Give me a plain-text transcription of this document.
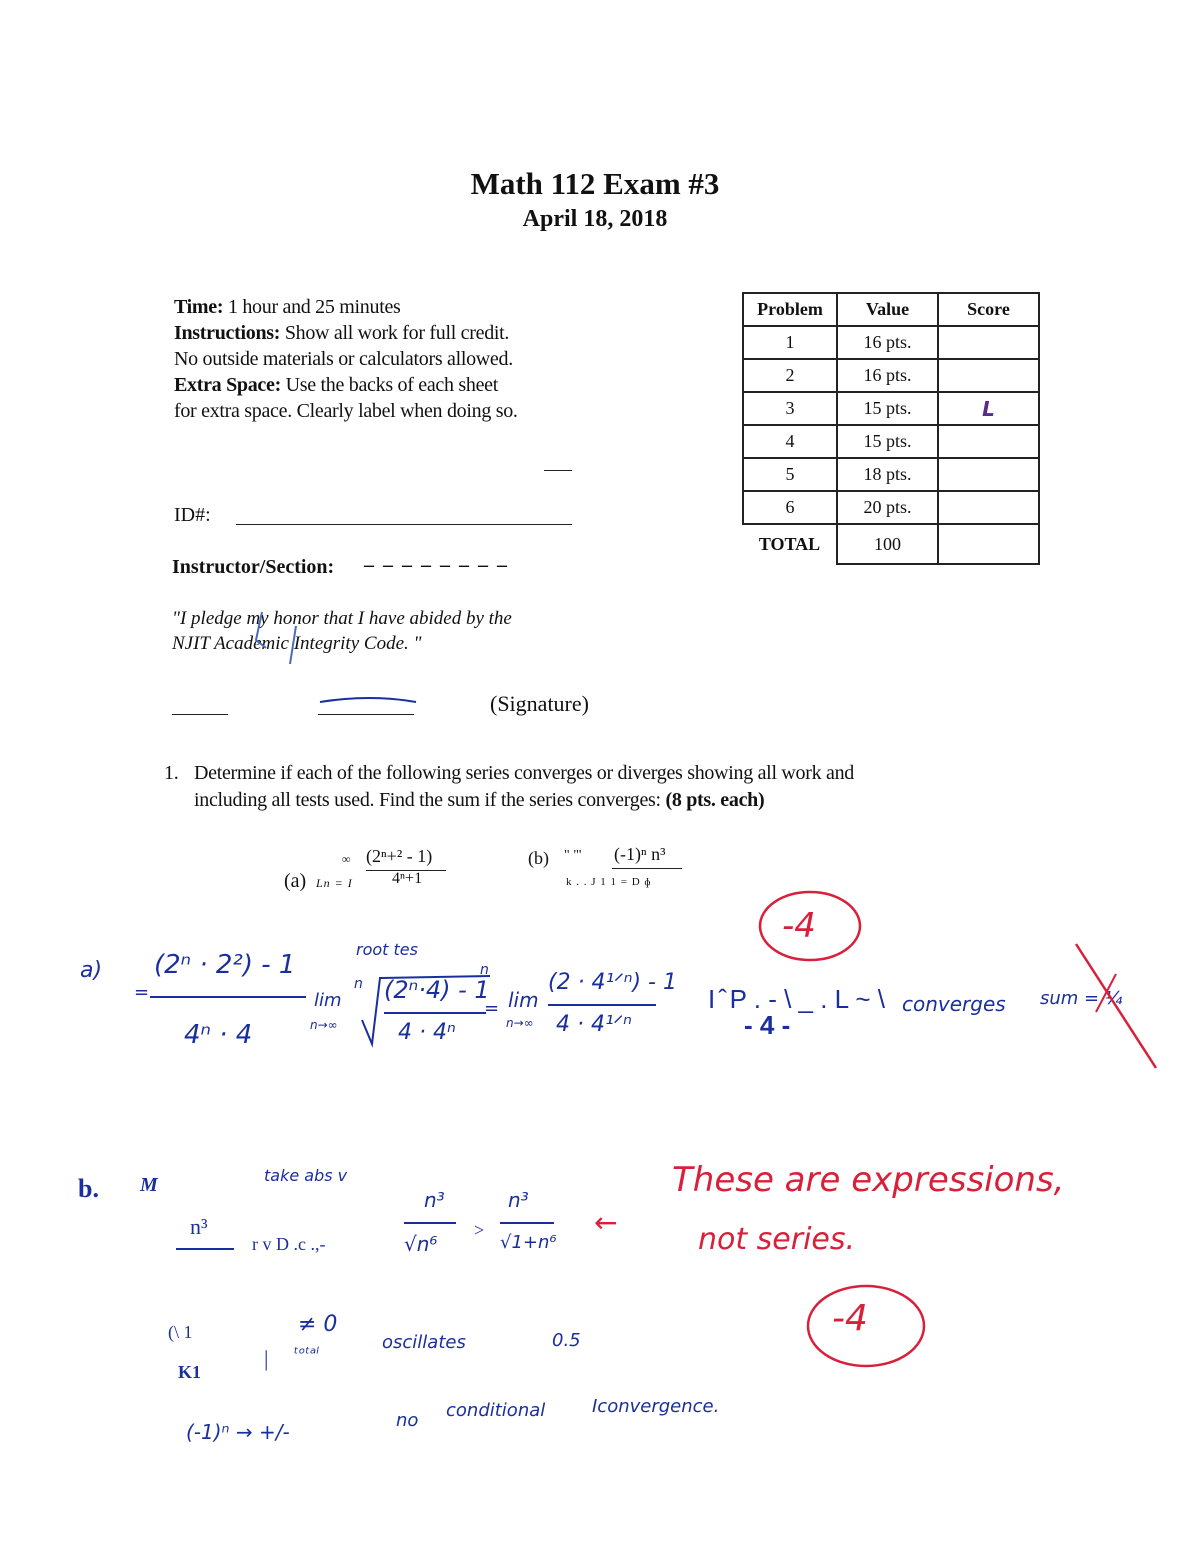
Math 112 Exam #3
April 18, 2018
Time: 1 hour and 25 minutes
Instructions: Show all work for full credit.
No outside materials or calculators allowed.
Extra Space: Use the backs of each sheet
for extra space. Clearly label when doing so.
Problem	Value	Score
1	16 pts.	
2	16 pts.	
3	15 pts.	L
4	15 pts.	
5	18 pts.	
6	20 pts.	
TOTAL	100	
ID#:
Instructor/Section: – – – – – – – –
"I pledge my honor that I have abided by the
NJIT Academic Integrity Code. "
(Signature)
1. Determine if each of the following series converges or diverges showing all work and
including all tests used. Find the sum if the series converges: (8 pts. each)
(a)
∞
Ln = I
(2ⁿ+² - 1)
4ⁿ+1
(b) " "' (-1)ⁿ n³
k . . J 1 1 = D ɸ
a)
=
(2ⁿ · 2²) - 1
4ⁿ · 4
root tes
lim
n→∞
n (2ⁿ·4) - 1
n
4 · 4ⁿ
= lim
n→∞
(2 · 4¹ᐟⁿ) - 1
4 · 4¹ᐟⁿ
I ̂ P . - \ _ . L ~ \
- 4 -
converges sum = ¼
-4
b. M	take abs v
n³
r v D .c .,-
n³
√n⁶
>
n³
√1+n⁶
←
These are expressions,
not series.
-4
(\ 1	≠ 0
| ᵗᵒᵗᵃˡ
oscillates	0.5
K1
(-1)ⁿ → +/-	no conditional	Iconvergence.
